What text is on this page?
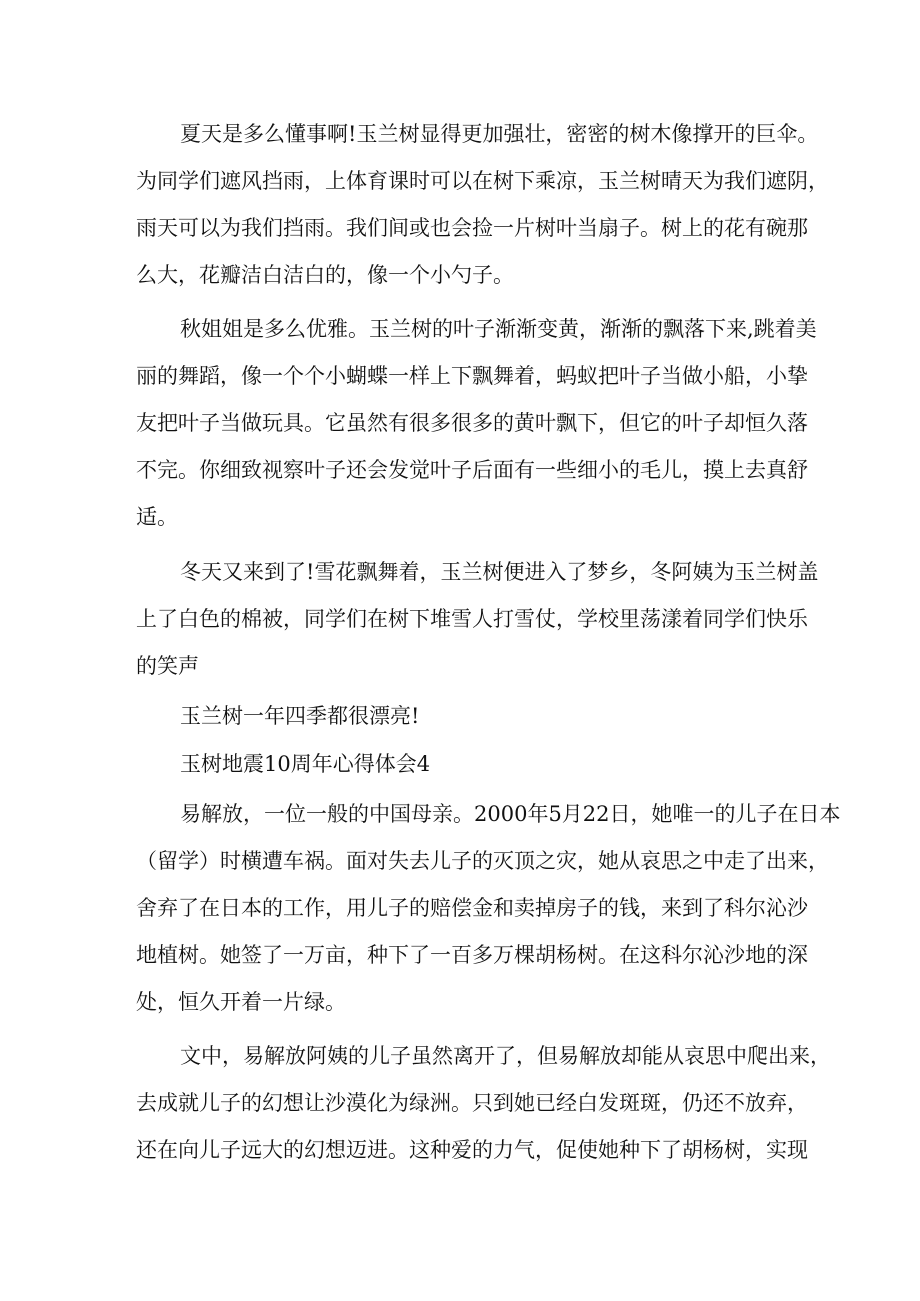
夏天是多么懂事啊!玉兰树显得更加强壮，密密的树木像撑开的巨伞。
为同学们遮风挡雨，上体育课时可以在树下乘凉，玉兰树晴天为我们遮阴，
雨天可以为我们挡雨。我们间或也会捡一片树叶当扇子。树上的花有碗那
么大，花瓣洁白洁白的，像一个小勺子。
秋姐姐是多么优雅。玉兰树的叶子渐渐变黄，渐渐的飘落下来,跳着美
丽的舞蹈，像一个个小蝴蝶一样上下飘舞着，蚂蚁把叶子当做小船，小挚
友把叶子当做玩具。它虽然有很多很多的黄叶飘下，但它的叶子却恒久落
不完。你细致视察叶子还会发觉叶子后面有一些细小的毛儿，摸上去真舒
适。
冬天又来到了!雪花飘舞着，玉兰树便进入了梦乡，冬阿姨为玉兰树盖
上了白色的棉被，同学们在树下堆雪人打雪仗，学校里荡漾着同学们快乐
的笑声
玉兰树一年四季都很漂亮!
玉树地震10周年心得体会4
易解放，一位一般的中国母亲。2000年5月22日，她唯一的儿子在日本
（留学）时横遭车祸。面对失去儿子的灭顶之灾，她从哀思之中走了出来，
舍弃了在日本的工作，用儿子的赔偿金和卖掉房子的钱，来到了科尔沁沙
地植树。她签了一万亩，种下了一百多万棵胡杨树。在这科尔沁沙地的深
处，恒久开着一片绿。
文中，易解放阿姨的儿子虽然离开了，但易解放却能从哀思中爬出来，
去成就儿子的幻想让沙漠化为绿洲。只到她已经白发斑斑，仍还不放弃，
还在向儿子远大的幻想迈进。这种爱的力气，促使她种下了胡杨树，实现
